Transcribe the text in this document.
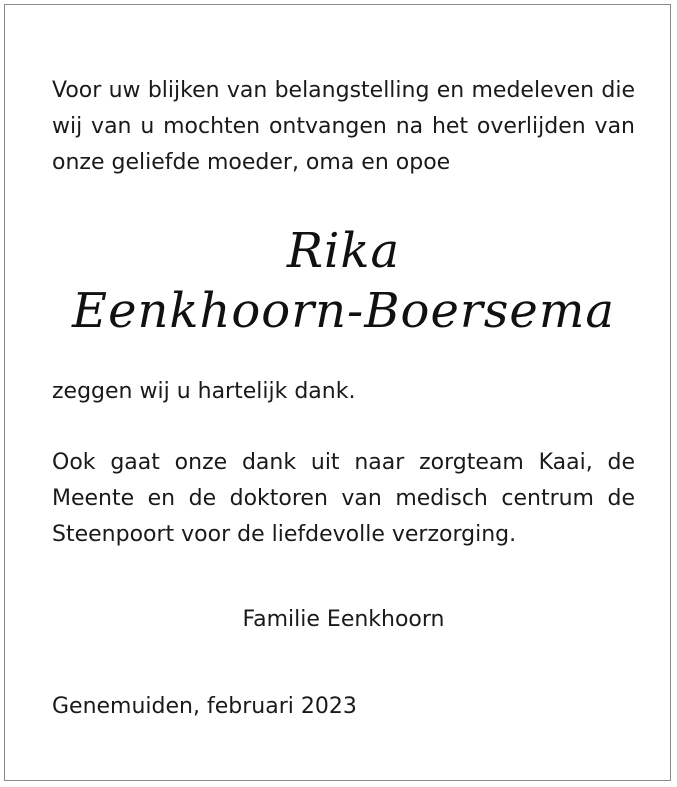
Voor uw blijken van belangstelling en medeleven die wij van u mochten ontvangen na het overlijden van onze geliefde moeder, oma en opoe

Rika
Eenkhoorn-Boersema

zeggen wij u hartelijk dank.

Ook gaat onze dank uit naar zorgteam Kaai, de Meente en de doktoren van medisch centrum de Steenpoort voor de liefdevolle verzorging.

Familie Eenkhoorn

Genemuiden, februari 2023
